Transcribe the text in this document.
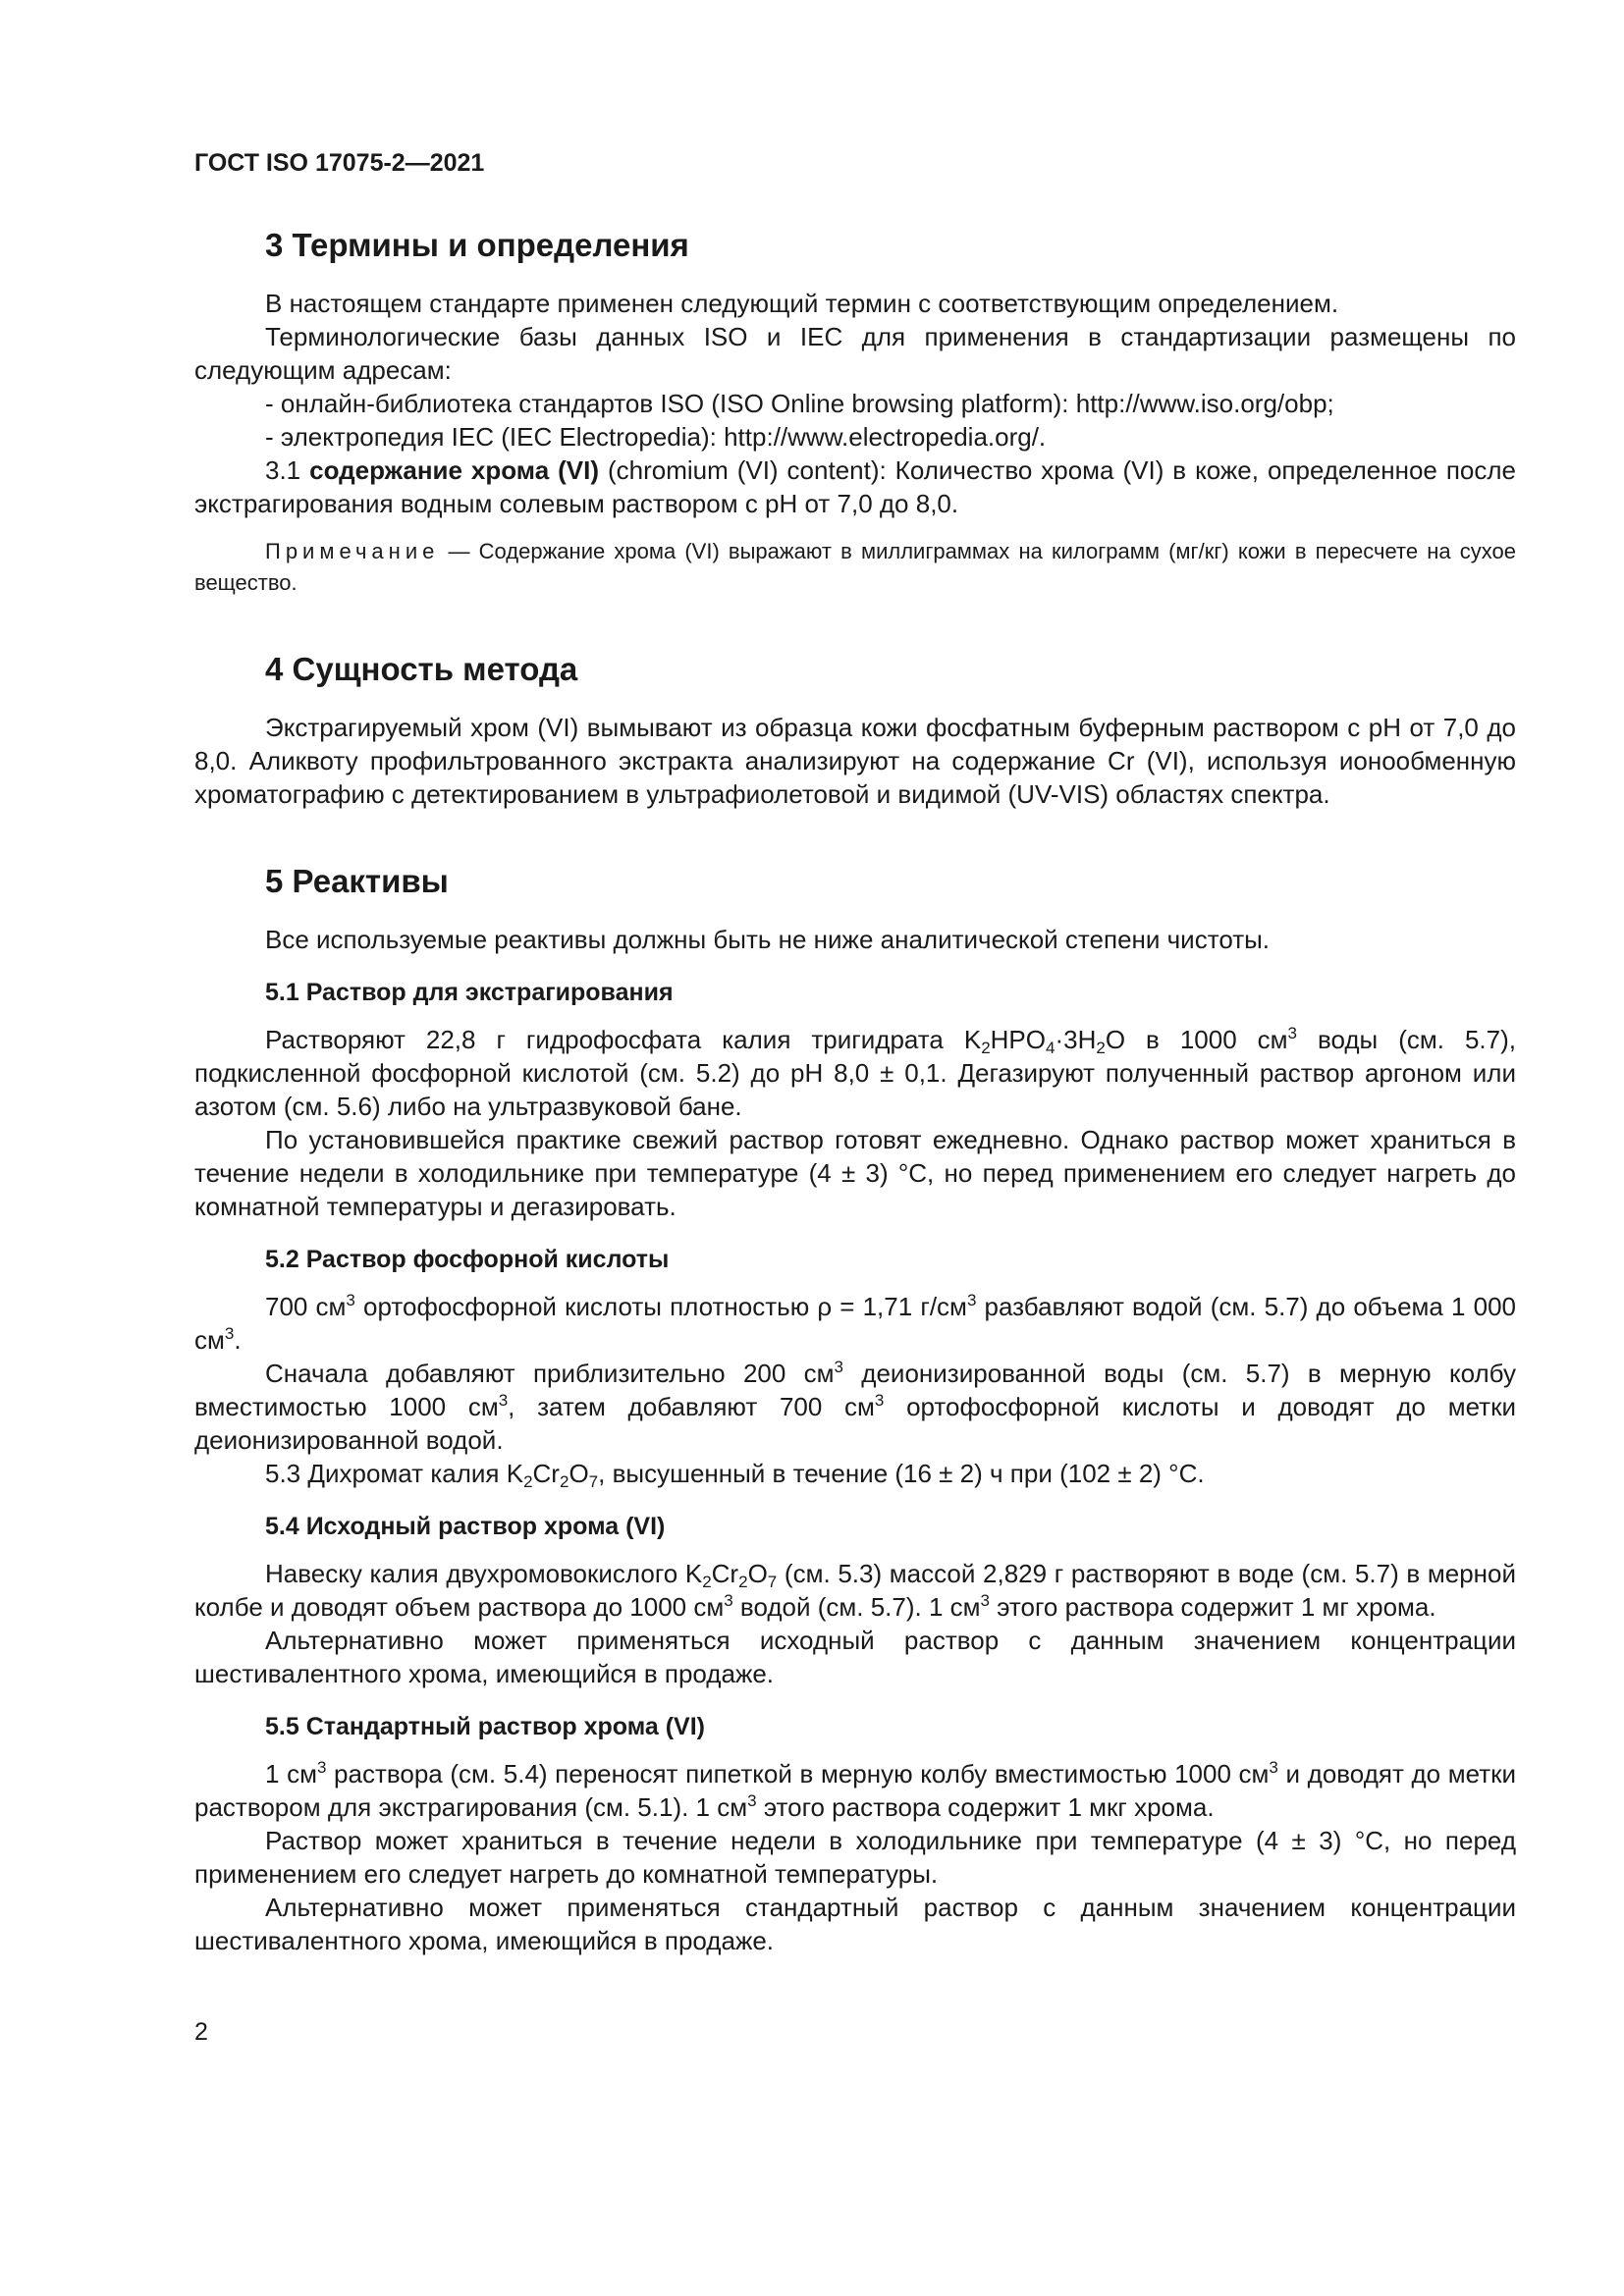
ГОСТ ISO 17075-2—2021
3 Термины и определения

В настоящем стандарте применен следующий термин с соответствующим определением.

Терминологические базы данных ISO и IEC для применения в стандартизации размещены по следующим адресам:

- онлайн-библиотека стандартов ISO (ISO Online browsing platform): http://www.iso.org/obp;

- электропедия IEC (IEC Electropedia): http://www.electropedia.org/.

3.1 содержание хрома (VI) (chromium (VI) content): Количество хрома (VI) в коже, определенное после экстрагирования водным солевым раствором с рН от 7,0 до 8,0.

Примечание — Содержание хрома (VI) выражают в миллиграммах на килограмм (мг/кг) кожи в пересчете на сухое вещество.

4 Сущность метода

Экстрагируемый хром (VI) вымывают из образца кожи фосфатным буферным раствором с рН от 7,0 до 8,0. Аликвоту профильтрованного экстракта анализируют на содержание Cr (VI), используя ионообменную хроматографию с детектированием в ультрафиолетовой и видимой (UV-VIS) областях спектра.

5 Реактивы

Все используемые реактивы должны быть не ниже аналитической степени чистоты.

5.1 Раствор для экстрагирования

Растворяют 22,8 г гидрофосфата калия тригидрата $K_2HPO_4\cdot 3H_2O$ в 1000 $см^3$ воды (см. 5.7), подкисленной фосфорной кислотой (см. 5.2) до рН 8,0 ± 0,1. Дегазируют полученный раствор аргоном или азотом (см. 5.6) либо на ультразвуковой бане.

По установившейся практике свежий раствор готовят ежедневно. Однако раствор может храниться в течение недели в холодильнике при температуре (4 ± 3) °C, но перед применением его следует нагреть до комнатной температуры и дегазировать.

5.2 Раствор фосфорной кислоты

700 $см^3$ ортофосфорной кислоты плотностью ρ = 1,71 $г/см^3$ разбавляют водой (см. 5.7) до объема 1 000 $см^3$.

Сначала добавляют приблизительно 200 $см^3$ деионизированной воды (см. 5.7) в мерную колбу вместимостью 1000 $см^3$, затем добавляют 700 $см^3$ ортофосфорной кислоты и доводят до метки деионизированной водой.

5.3 Дихромат калия $K_2Cr_2O_7$, высушенный в течение (16 ± 2) ч при (102 ± 2) °C.

5.4 Исходный раствор хрома (VI)

Навеску калия двухромовокислого $K_2Cr_2O_7$ (см. 5.3) массой 2,829 г растворяют в воде (см. 5.7) в мерной колбе и доводят объем раствора до 1000 $см^3$ водой (см. 5.7). 1 $см^3$ этого раствора содержит 1 мг хрома.

Альтернативно может применяться исходный раствор с данным значением концентрации шестивалентного хрома, имеющийся в продаже.

5.5 Стандартный раствор хрома (VI)

1 $см^3$ раствора (см. 5.4) переносят пипеткой в мерную колбу вместимостью 1000 $см^3$ и доводят до метки раствором для экстрагирования (см. 5.1). 1 $см^3$ этого раствора содержит 1 мкг хрома.

Раствор может храниться в течение недели в холодильнике при температуре (4 ± 3) °C, но перед применением его следует нагреть до комнатной температуры.

Альтернативно может применяться стандартный раствор с данным значением концентрации шестивалентного хрома, имеющийся в продаже.

2
